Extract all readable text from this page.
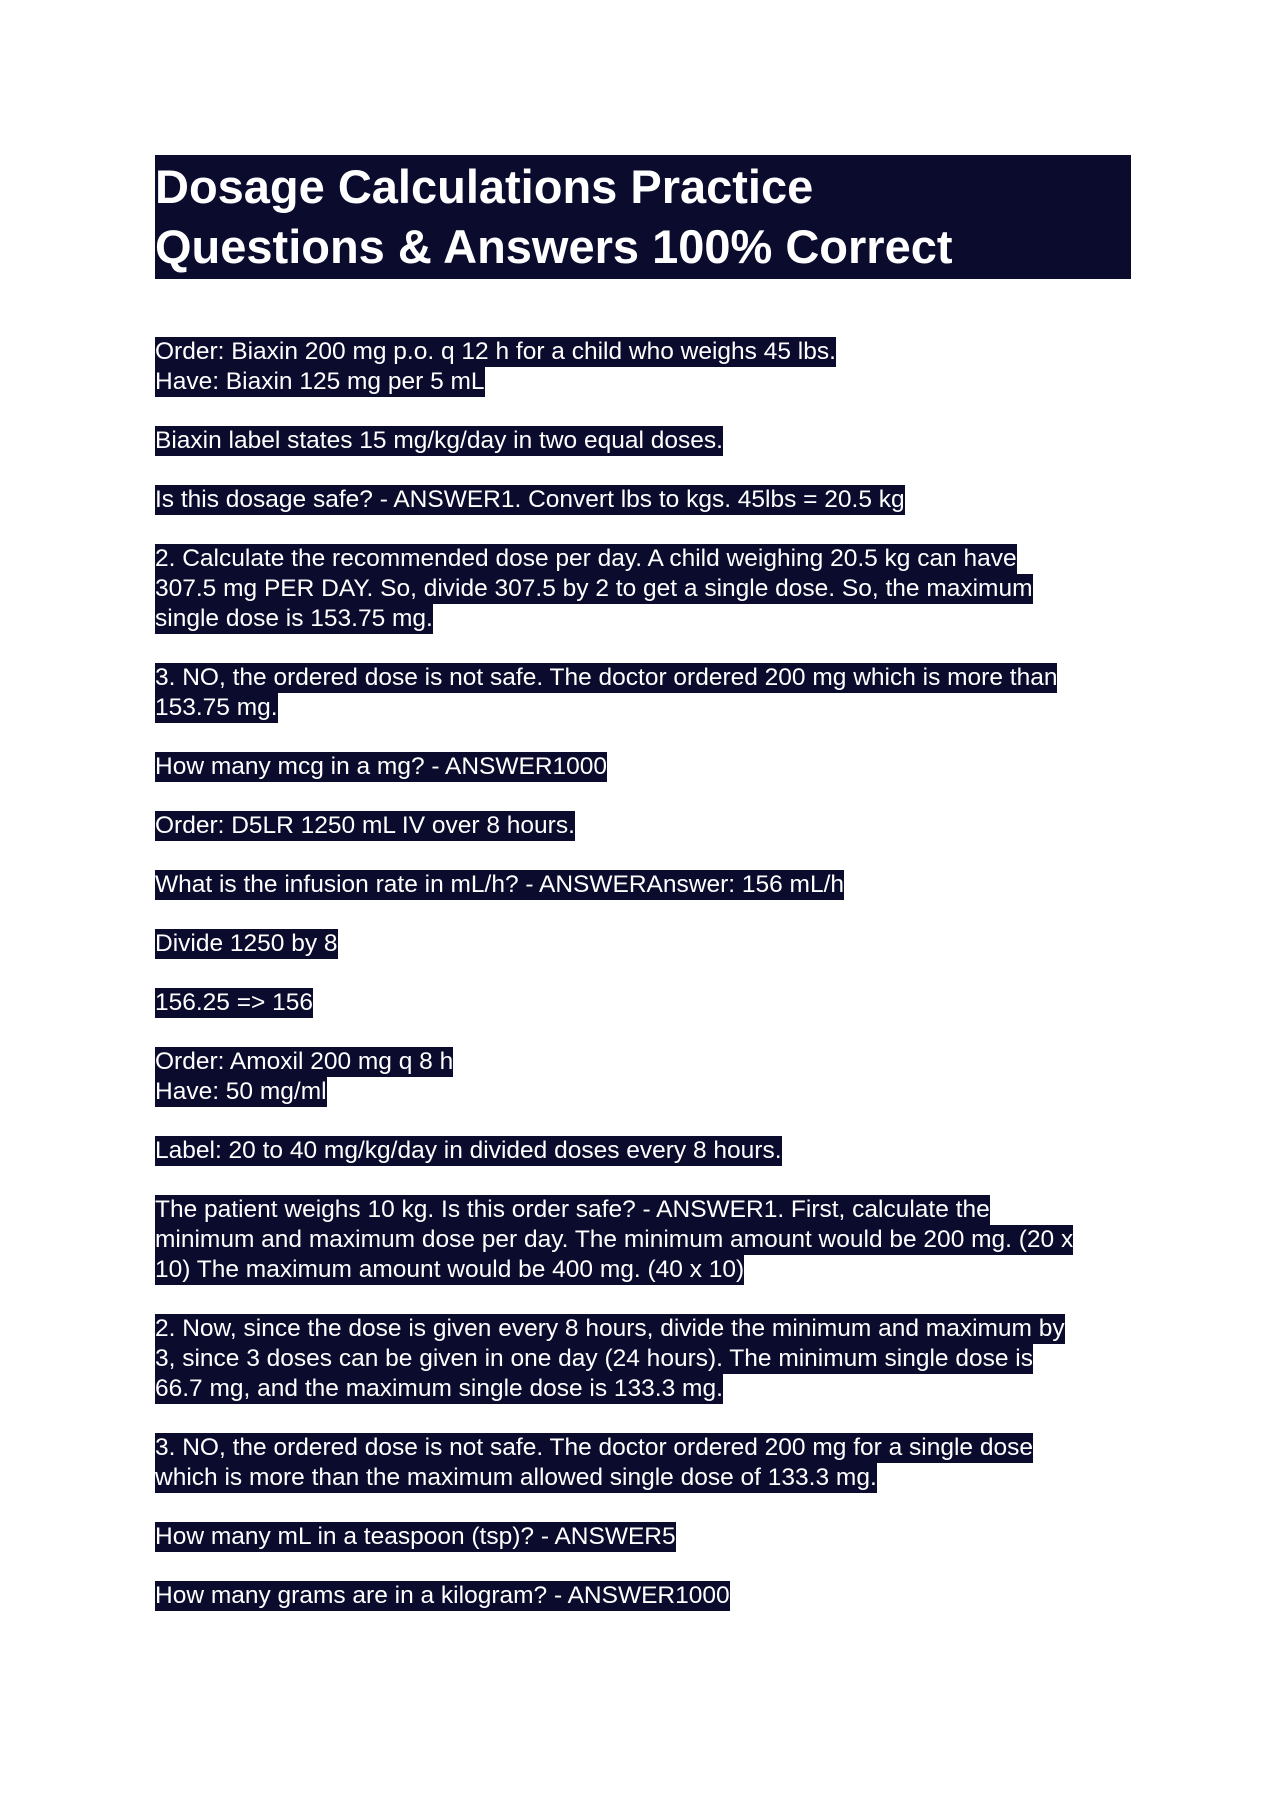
Dosage Calculations Practice
Questions & Answers 100% Correct
Order: Biaxin 200 mg p.o. q 12 h for a child who weighs 45 lbs.
Have: Biaxin 125 mg per 5 mL
Biaxin label states 15 mg/kg/day in two equal doses.
Is this dosage safe? - ANSWER1. Convert lbs to kgs. 45lbs = 20.5 kg
2. Calculate the recommended dose per day. A child weighing 20.5 kg can have
307.5 mg PER DAY. So, divide 307.5 by 2 to get a single dose. So, the maximum
single dose is 153.75 mg.
3. NO, the ordered dose is not safe. The doctor ordered 200 mg which is more than
153.75 mg.
How many mcg in a mg? - ANSWER1000
Order: D5LR 1250 mL IV over 8 hours.
What is the infusion rate in mL/h? - ANSWERAnswer: 156 mL/h
Divide 1250 by 8
156.25 => 156
Order: Amoxil 200 mg q 8 h
Have: 50 mg/ml
Label: 20 to 40 mg/kg/day in divided doses every 8 hours.
The patient weighs 10 kg. Is this order safe? - ANSWER1. First, calculate the
minimum and maximum dose per day. The minimum amount would be 200 mg. (20 x
10) The maximum amount would be 400 mg. (40 x 10)
2. Now, since the dose is given every 8 hours, divide the minimum and maximum by
3, since 3 doses can be given in one day (24 hours). The minimum single dose is
66.7 mg, and the maximum single dose is 133.3 mg.
3. NO, the ordered dose is not safe. The doctor ordered 200 mg for a single dose
which is more than the maximum allowed single dose of 133.3 mg.
How many mL in a teaspoon (tsp)? - ANSWER5
How many grams are in a kilogram? - ANSWER1000
